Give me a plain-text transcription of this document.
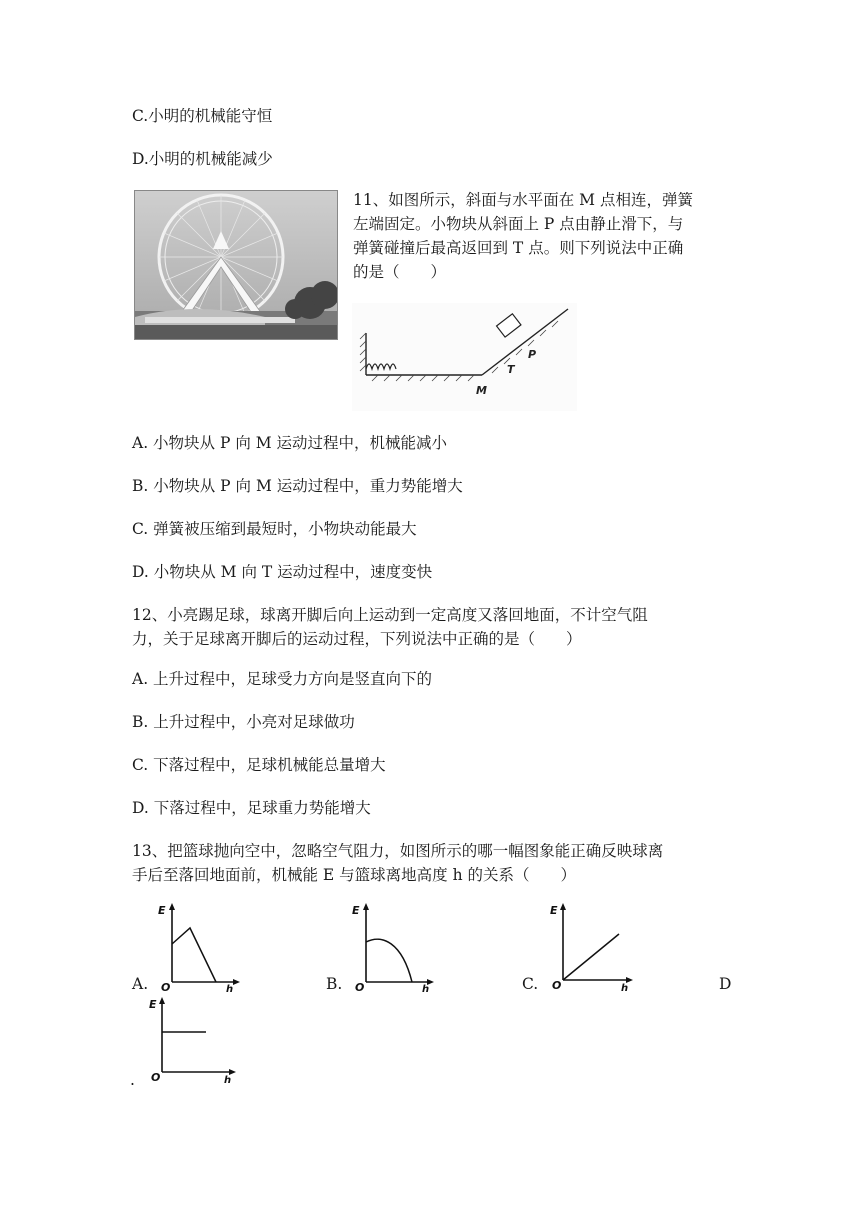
C.小明的机械能守恒
D.小明的机械能减少
11、如图所示，斜面与水平面在 M 点相连，弹簧
左端固定。小物块从斜面上 P 点由静止滑下，与
弹簧碰撞后最高返回到 T 点。则下列说法中正确
的是（　　）
M
T
P
A. 小物块从 P 向 M 运动过程中，机械能减小
B. 小物块从 P 向 M 运动过程中，重力势能增大
C. 弹簧被压缩到最短时，小物块动能最大
D. 小物块从 M 向 T 运动过程中，速度变快
12、小亮踢足球，球离开脚后向上运动到一定高度又落回地面，不计空气阻
力，关于足球离开脚后的运动过程，下列说法中正确的是（　　）
A. 上升过程中，足球受力方向是竖直向下的
B. 上升过程中，小亮对足球做功
C. 下落过程中，足球机械能总量增大
D. 下落过程中，足球重力势能增大
13、把篮球抛向空中，忽略空气阻力，如图所示的哪一幅图象能正确反映球离
手后至落回地面前，机械能 E 与篮球离地高度 h 的关系（　　）
E
O	h
A.
E
O	h
B.
E
O	h
C.	D
E
O	h
.
